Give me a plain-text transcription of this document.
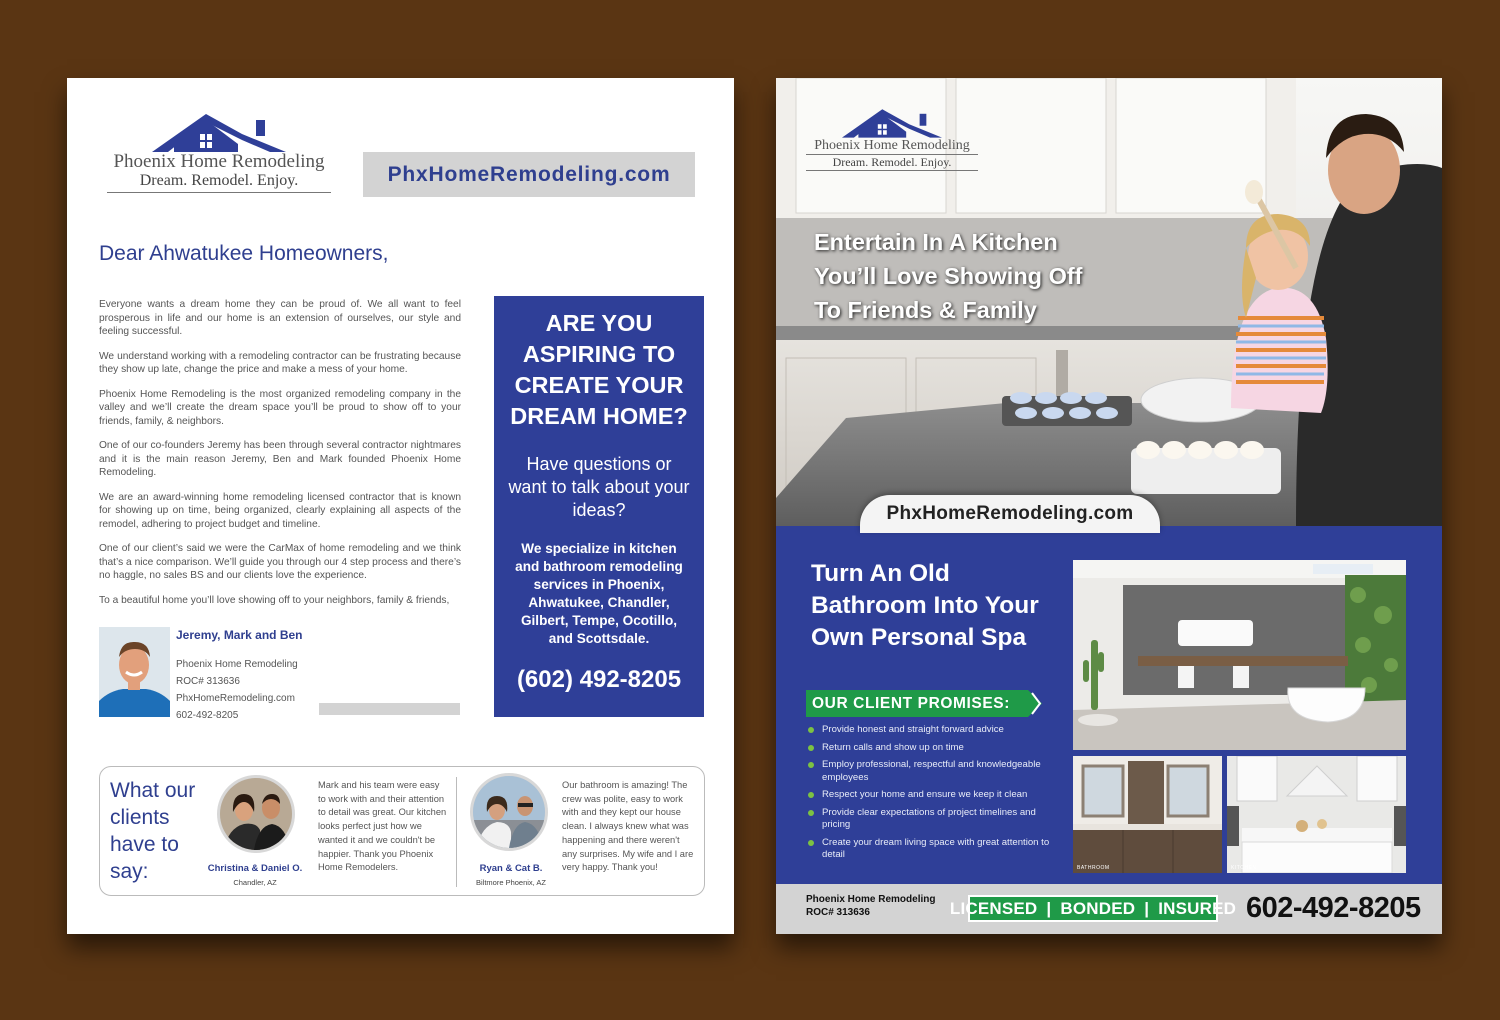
Phoenix Home Remodeling
Dream. Remodel. Enjoy.	PhxHomeRemodeling.com
Dear Ahwatukee Homeowners,

Everyone wants a dream home they can be proud of. We all want to feel prosperous in life and our home is an extension of ourselves, our style and feeling successful.

We understand working with a remodeling contractor can be frustrating because they show up late, change the price and make a mess of your home.

Phoenix Home Remodeling is the most organized remodeling company in the valley and we’ll create the dream space you’ll be proud to show off to your friends, family, & neighbors.

One of our co-founders Jeremy has been through several contractor nightmares and it is the main reason Jeremy, Ben and Mark founded Phoenix Home Remodeling.

We are an award-winning home remodeling licensed contractor that is known for showing up on time, being organized, clearly explaining all aspects of the remodel, adhering to project budget and timeline.

One of our client’s said we were the CarMax of home remodeling and we think that’s a nice comparison. We’ll guide you through our 4 step process and there’s no haggle, no sales BS and our clients love the experience.

To a beautiful home you’ll love showing off to your neighbors, family & friends,

Jeremy, Mark and Ben
Phoenix Home Remodeling
ROC# 313636
PhxHomeRemodeling.com
602-492-8205
ARE YOU ASPIRING TO CREATE YOUR DREAM HOME?
Have questions or want to talk about your ideas?
We specialize in kitchen and bathroom remodeling services in Phoenix, Ahwatukee, Chandler, Gilbert, Tempe, Ocotillo, and Scottsdale.
(602) 492-8205
What our clients have to say:	Christina & Daniel O.
Chandler, AZ
Mark and his team were easy to work with and their attention to detail was great. Our kitchen looks perfect just how we wanted it and we couldn't be happier. Thank you Phoenix Home Remodelers.	Ryan & Cat B.
Biltmore Phoenix, AZ
Our bathroom is amazing! The crew was polite, easy to work with and they kept our house clean. I always knew what was happening and there weren't any surprises. My wife and I are very happy. Thank you!
Phoenix Home Remodeling
Dream. Remodel. Enjoy.
Entertain In A Kitchen You’ll Love Showing Off To Friends & Family
Turn An Old Bathroom Into Your Own Personal Spa
OUR CLIENT PROMISES:
Provide honest and straight forward advice
Return calls and show up on time
Employ professional, respectful and knowledgeable employees
Respect your home and ensure we keep it clean
Provide clear expectations of project timelines and pricing
Create your dream living space with great attention to detail
BATHROOM	KITCHEN
PhxHomeRemodeling.com
Phoenix Home Remodeling
ROC# 313636	LICENSED | BONDED | INSURED 602-492-8205
